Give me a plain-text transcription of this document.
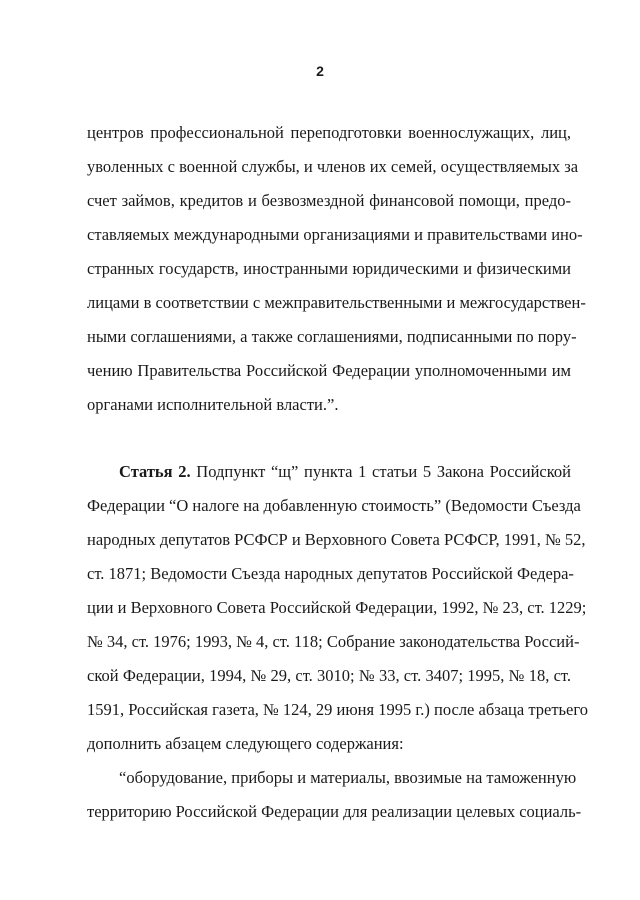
2
центров профессиональной переподготовки военнослужащих, лиц,
уволенных с военной службы, и членов их семей, осуществляемых за
счет займов, кредитов и безвозмездной финансовой помощи, предо-
ставляемых международными организациями и правительствами ино-
странных государств, иностранными юридическими и физическими
лицами в соответствии с межправительственными и межгосударствен-
ными соглашениями, а также соглашениями, подписанными по пору-
чению Правительства Российской Федерации уполномоченными им
органами исполнительной власти.”.
Статья 2. Подпункт “щ” пункта 1 статьи 5 Закона Российской
Федерации “О налоге на добавленную стоимость” (Ведомости Съезда
народных депутатов РСФСР и Верховного Совета РСФСР, 1991, № 52,
ст. 1871; Ведомости Съезда народных депутатов Российской Федера-
ции и Верховного Совета Российской Федерации, 1992, № 23, ст. 1229;
№ 34, ст. 1976; 1993, № 4, ст. 118; Собрание законодательства Россий-
ской Федерации, 1994, № 29, ст. 3010; № 33, ст. 3407; 1995, № 18, ст.
1591, Российская газета, № 124, 29 июня 1995 г.) после абзаца третьего
дополнить абзацем следующего содержания:
“оборудование, приборы и материалы, ввозимые на таможенную
территорию Российской Федерации для реализации целевых социаль-
